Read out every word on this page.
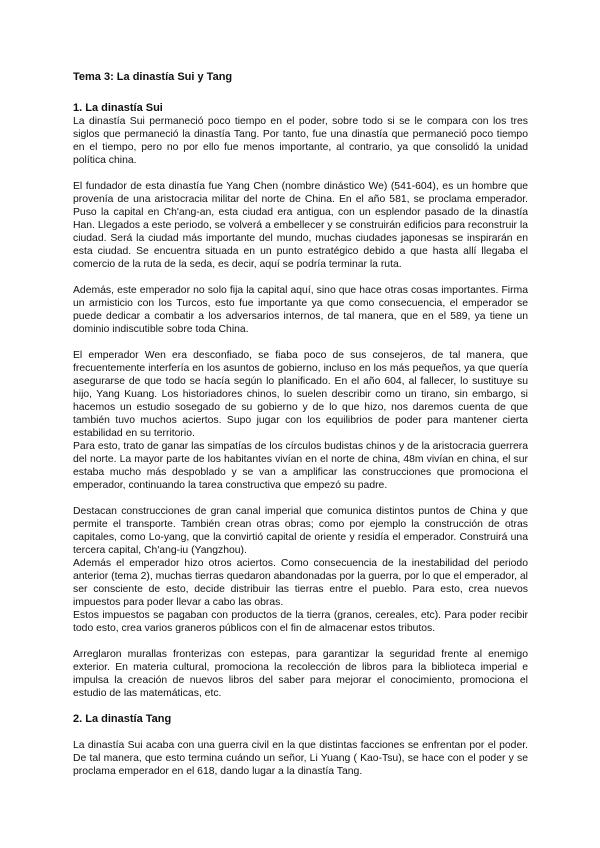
Tema 3: La dinastía Sui y Tang
1. La dinastía Sui

La dinastía Sui permaneció poco tiempo en el poder, sobre todo si se le compara con los tres siglos que permaneció la dinastía Tang. Por tanto, fue una dinastía que permaneció poco tiempo en el tiempo, pero no por ello fue menos importante, al contrario, ya que consolidó la unidad política china.

El fundador de esta dinastía fue Yang Chen (nombre dinástico We) (541-604), es un hombre que provenía de una aristocracia militar del norte de China. En el año 581, se proclama emperador. Puso la capital en Ch'ang-an, esta ciudad era antigua, con un esplendor pasado de la dinastía Han. Llegados a este periodo, se volverá a embellecer y se construirán edificios para reconstruir la ciudad. Será la ciudad más importante del mundo, muchas ciudades japonesas se inspirarán en esta ciudad. Se encuentra situada en un punto estratégico debido a que hasta allí llegaba el comercio de la ruta de la seda, es decir, aquí se podría terminar la ruta.

Además, este emperador no solo fija la capital aquí, sino que hace otras cosas importantes. Firma un armisticio con los Turcos, esto fue importante ya que como consecuencia, el emperador se puede dedicar a combatir a los adversarios internos, de tal manera, que en el 589, ya tiene un dominio indiscutible sobre toda China.

El emperador Wen era desconfiado, se fiaba poco de sus consejeros, de tal manera, que frecuentemente interfería en los asuntos de gobierno, incluso en los más pequeños, ya que quería asegurarse de que todo se hacía según lo planificado. En el año 604, al fallecer, lo sustituye su hijo, Yang Kuang. Los historiadores chinos, lo suelen describir como un tirano, sin embargo, si hacemos un estudio sosegado de su gobierno y de lo que hizo, nos daremos cuenta de que también tuvo muchos aciertos. Supo jugar con los equilibrios de poder para mantener cierta estabilidad en su territorio.

Para esto, trato de ganar las simpatías de los círculos budistas chinos y de la aristocracia guerrera del norte. La mayor parte de los habitantes vivían en el norte de china, 48m vivían en china, el sur estaba mucho más despoblado y se van a amplificar las construcciones que promociona el emperador, continuando la tarea constructiva que empezó su padre.

Destacan construcciones de gran canal imperial que comunica distintos puntos de China y que permite el transporte. También crean otras obras; como por ejemplo la construcción de otras capitales, como Lo-yang, que la convirtió capital de oriente y residía el emperador. Construirá una tercera capital, Ch'ang-iu (Yangzhou).

Además el emperador hizo otros aciertos. Como consecuencia de la inestabilidad del periodo anterior (tema 2), muchas tierras quedaron abandonadas por la guerra, por lo que el emperador, al ser consciente de esto, decide distribuir las tierras entre el pueblo. Para esto, crea nuevos impuestos para poder llevar a cabo las obras.

Estos impuestos se pagaban con productos de la tierra (granos, cereales, etc). Para poder recibir todo esto, crea varios graneros públicos con el fin de almacenar estos tributos.

Arreglaron murallas fronterizas con estepas, para garantizar la seguridad frente al enemigo exterior. En materia cultural, promociona la recolección de libros para la biblioteca imperial e impulsa la creación de nuevos libros del saber para mejorar el conocimiento, promociona el estudio de las matemáticas, etc.

2. La dinastía Tang

La dinastía Sui acaba con una guerra civil en la que distintas facciones se enfrentan por el poder. De tal manera, que esto termina cuándo un señor, Li Yuang ( Kao-Tsu), se hace con el poder y se proclama emperador en el 618, dando lugar a la dinastía Tang.
